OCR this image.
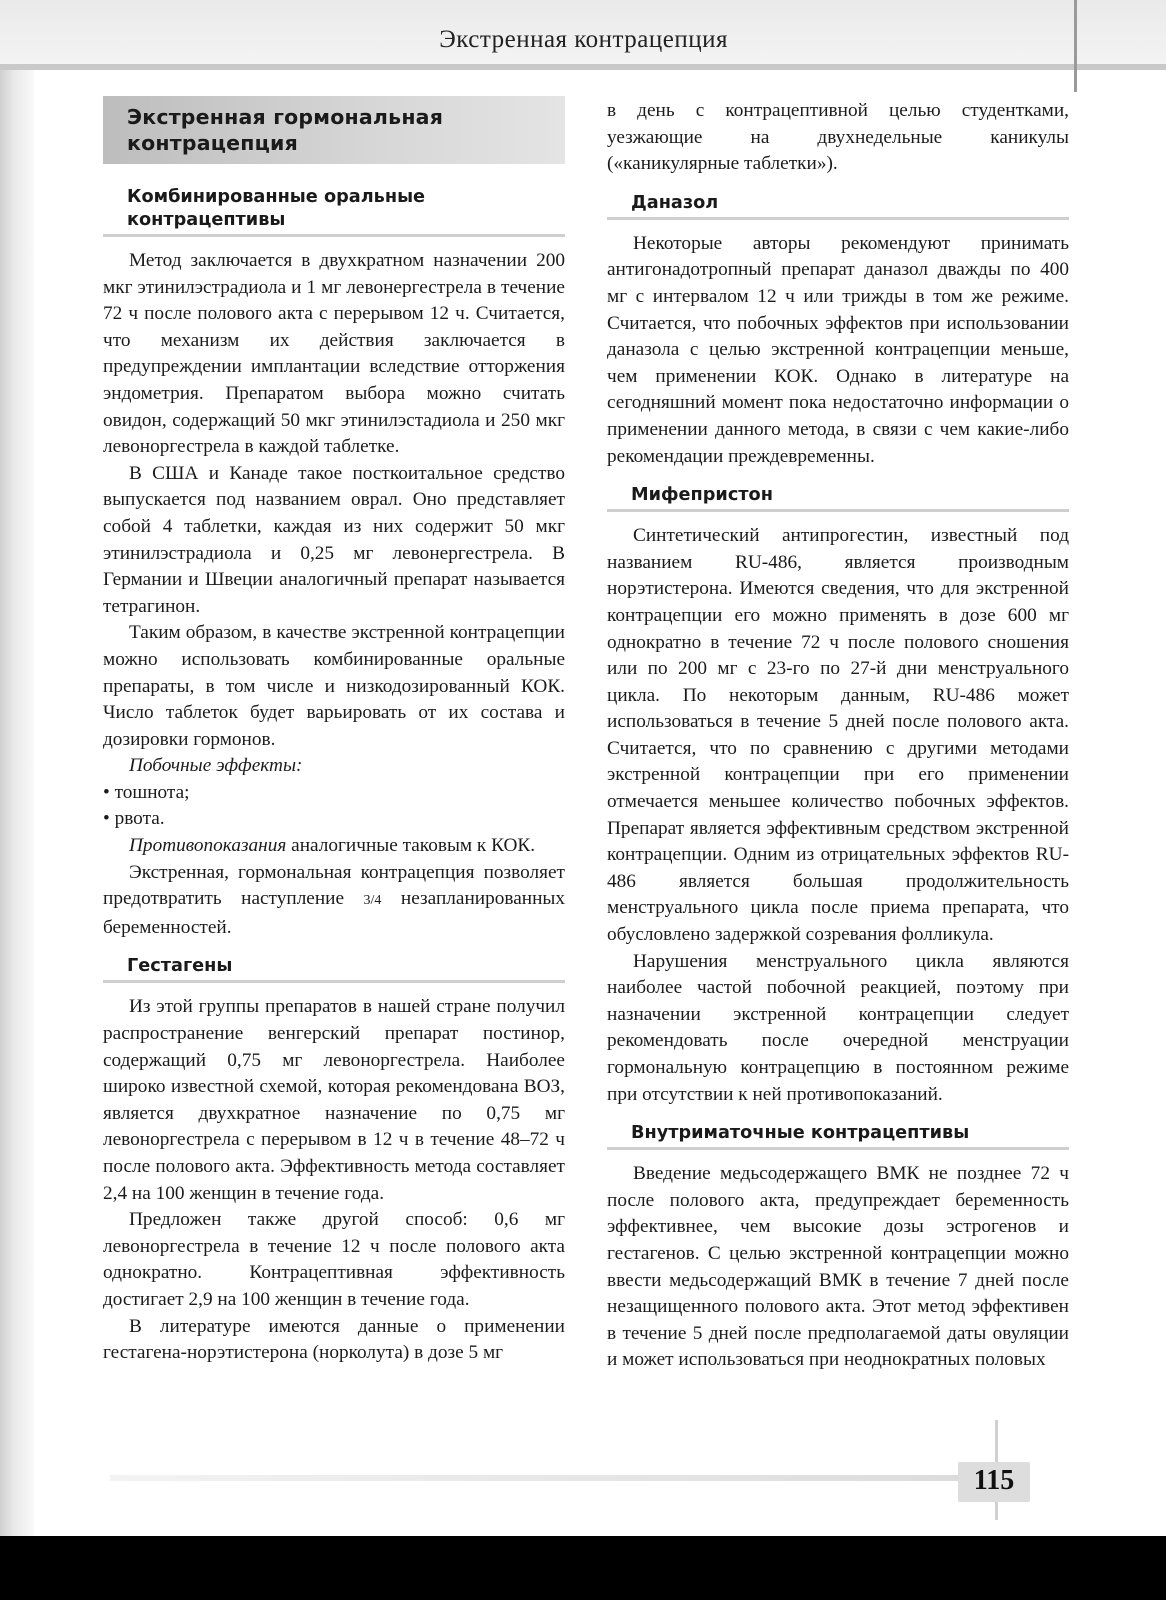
Экстренная контрацепция
Экстренная гормональная
контрацепция
Комбинированные оральные
контрацептивы

Метод заключается в двухкратном назначении 200 мкг этинилэстрадиола и 1 мг левонергестрела в течение 72 ч после полового акта с перерывом 12 ч. Считается, что механизм их действия заключается в предупреждении имплантации вследствие отторжения эндометрия. Препаратом выбора можно считать овидон, содержащий 50 мкг этинилэстадиола и 250 мкг левоноргестрела в каждой таблетке.

В США и Канаде такое посткоитальное средство выпускается под названием оврал. Оно представляет собой 4 таблетки, каждая из них содержит 50 мкг этинилэстрадиола и 0,25 мг левонергестрела. В Германии и Швеции аналогичный препарат называется тетрагинон.

Таким образом, в качестве экстренной контрацепции можно использовать комбинированные оральные препараты, в том числе и низкодозированный КОК. Число таблеток будет варьировать от их состава и дозировки гормонов.

Побочные эффекты:

• тошнота;

• рвота.

Противопоказания аналогичные таковым к КОК.

Экстренная, гормональная контрацепция позволяет предотвратить наступление 3/4 незапланированных беременностей.

Гестагены

Из этой группы препаратов в нашей стране получил распространение венгерский препарат постинор, содержащий 0,75 мг левоноргестрела. Наиболее широко известной схемой, которая рекомендована ВОЗ, является двухкратное назначение по 0,75 мг левоноргестрела с перерывом в 12 ч в течение 48–72 ч после полового акта. Эффективность метода составляет 2,4 на 100 женщин в течение года.

Предложен также другой способ: 0,6 мг левоноргестрела в течение 12 ч после полового акта однократно. Контрацептивная эффективность достигает 2,9 на 100 женщин в течение года.

В литературе имеются данные о применении гестагена-норэтистерона (норколута) в дозе 5 мг

в день с контрацептивной целью студентками, уезжающие на двухнедельные каникулы («каникулярные таблетки»).

Даназол

Некоторые авторы рекомендуют принимать антигонадотропный препарат даназол дважды по 400 мг с интервалом 12 ч или трижды в том же режиме. Считается, что побочных эффектов при использовании даназола с целью экстренной контрацепции меньше, чем применении КОК. Однако в литературе на сегодняшний момент пока недостаточно информации о применении данного метода, в связи с чем какие-либо рекомендации преждевременны.

Мифепристон

Синтетический антипрогестин, известный под названием RU-486, является производным норэтистерона. Имеются сведения, что для экстренной контрацепции его можно применять в дозе 600 мг однократно в течение 72 ч после полового сношения или по 200 мг с 23-го по 27-й дни менструального цикла. По некоторым данным, RU-486 может использоваться в течение 5 дней после полового акта. Считается, что по сравнению с другими методами экстренной контрацепции при его применении отмечается меньшее количество побочных эффектов. Препарат является эффективным средством экстренной контрацепции. Одним из отрицательных эффектов RU-486 является большая продолжительность менструального цикла после приема препарата, что обусловлено задержкой созревания фолликула.

Нарушения менструального цикла являются наиболее частой побочной реакцией, поэтому при назначении экстренной контрацепции следует рекомендовать после очередной менструации гормональную контрацепцию в постоянном режиме при отсутствии к ней противопоказаний.

Внутриматочные контрацептивы

Введение медьсодержащего ВМК не позднее 72 ч после полового акта, предупреждает беременность эффективнее, чем высокие дозы эстрогенов и гестагенов. С целью экстренной контрацепции можно ввести медьсодержащий ВМК в течение 7 дней после незащищенного полового акта. Этот метод эффективен в течение 5 дней после предполагаемой даты овуляции и может использоваться при неоднократных половых

115
